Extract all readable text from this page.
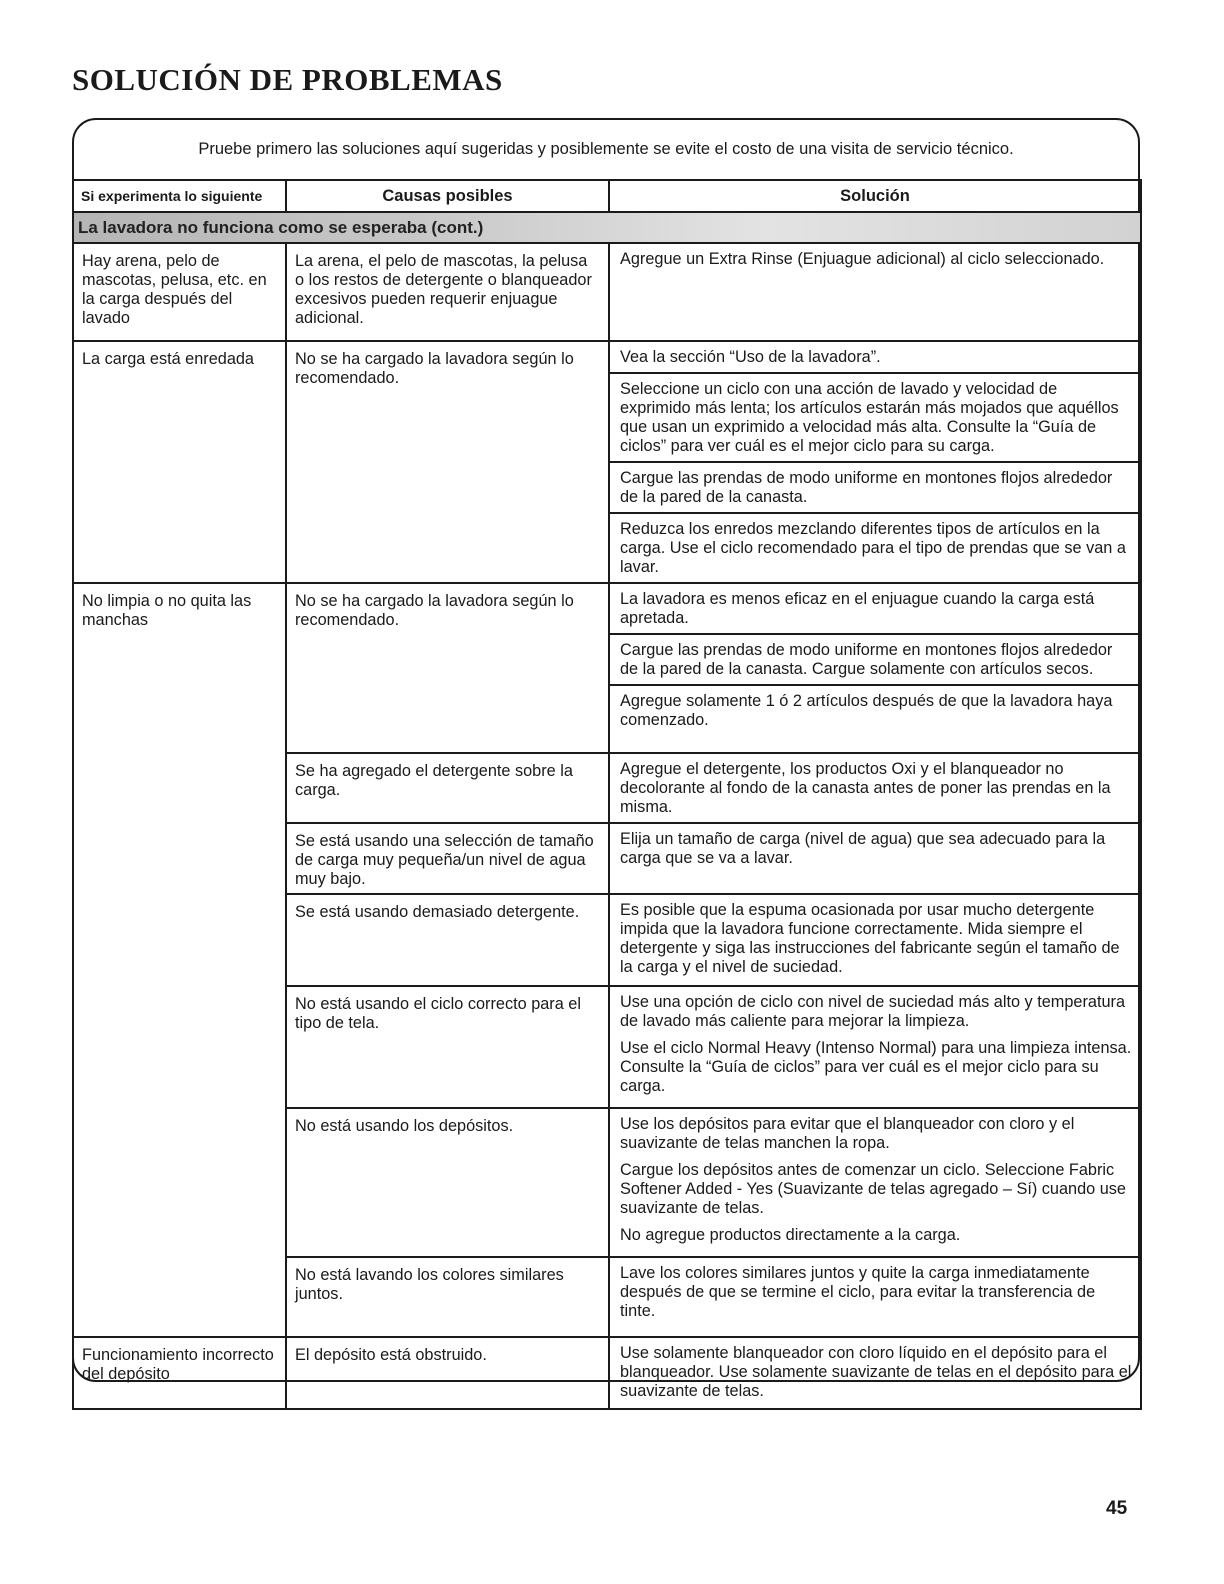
SOLUCIÓN DE PROBLEMAS
Pruebe primero las soluciones aquí sugeridas y posiblemente se evite el costo de una visita de servicio técnico.
Si experimenta lo siguiente	Causas posibles	Solución
La lavadora no funciona como se esperaba (cont.)		

Hay arena, pelo de mascotas, pelusa, etc. en la carga después del lavado	La arena, el pelo de mascotas, la pelusa o los restos de detergente o blanqueador excesivos pueden requerir enjuague adicional.	Agregue un Extra Rinse (Enjuague adicional) al ciclo seleccionado.

La carga está enredada	No se ha cargado la lavadora según lo recomendado.	Vea la sección “Uso de la lavadora”.
Seleccione un ciclo con una acción de lavado y velocidad de exprimido más lenta; los artículos estarán más mojados que aquéllos que usan un exprimido a velocidad más alta. Consulte la “Guía de ciclos” para ver cuál es el mejor ciclo para su carga.
Cargue las prendas de modo uniforme en montones flojos alrededor de la pared de la canasta.
Reduzca los enredos mezclando diferentes tipos de artículos en la carga. Use el ciclo recomendado para el tipo de prendas que se van a lavar.

No limpia o no quita las manchas	No se ha cargado la lavadora según lo recomendado.	La lavadora es menos eficaz en el enjuague cuando la carga está apretada.
Cargue las prendas de modo uniforme en montones flojos alrededor de la pared de la canasta. Cargue solamente con artículos secos.
Agregue solamente 1 ó 2 artículos después de que la lavadora haya comenzado.

	Se ha agregado el detergente sobre la carga.	Agregue el detergente, los productos Oxi y el blanqueador no decolorante al fondo de la canasta antes de poner las prendas en la misma.

	Se está usando una selección de tamaño de carga muy pequeña/un nivel de agua muy bajo.	Elija un tamaño de carga (nivel de agua) que sea adecuado para la carga que se va a lavar.

	Se está usando demasiado detergente.	Es posible que la espuma ocasionada por usar mucho detergente impida que la lavadora funcione correctamente. Mida siempre el detergente y siga las instrucciones del fabricante según el tamaño de la carga y el nivel de suciedad.

	No está usando el ciclo correcto para el tipo de tela.	Use una opción de ciclo con nivel de suciedad más alto y temperatura de lavado más caliente para mejorar la limpieza.
Use el ciclo Normal Heavy (Intenso Normal) para una limpieza intensa. Consulte la “Guía de ciclos” para ver cuál es el mejor ciclo para su carga.

	No está usando los depósitos.	Use los depósitos para evitar que el blanqueador con cloro y el suavizante de telas manchen la ropa.
Cargue los depósitos antes de comenzar un ciclo. Seleccione Fabric Softener Added - Yes (Suavizante de telas agregado – Sí) cuando use suavizante de telas.
No agregue productos directamente a la carga.

	No está lavando los colores similares juntos.	Lave los colores similares juntos y quite la carga inmediatamente después de que se termine el ciclo, para evitar la transferencia de tinte.

Funcionamiento incorrecto del depósito	El depósito está obstruido.	Use solamente blanqueador con cloro líquido en el depósito para el blanqueador. Use solamente suavizante de telas en el depósito para el suavizante de telas.
45
